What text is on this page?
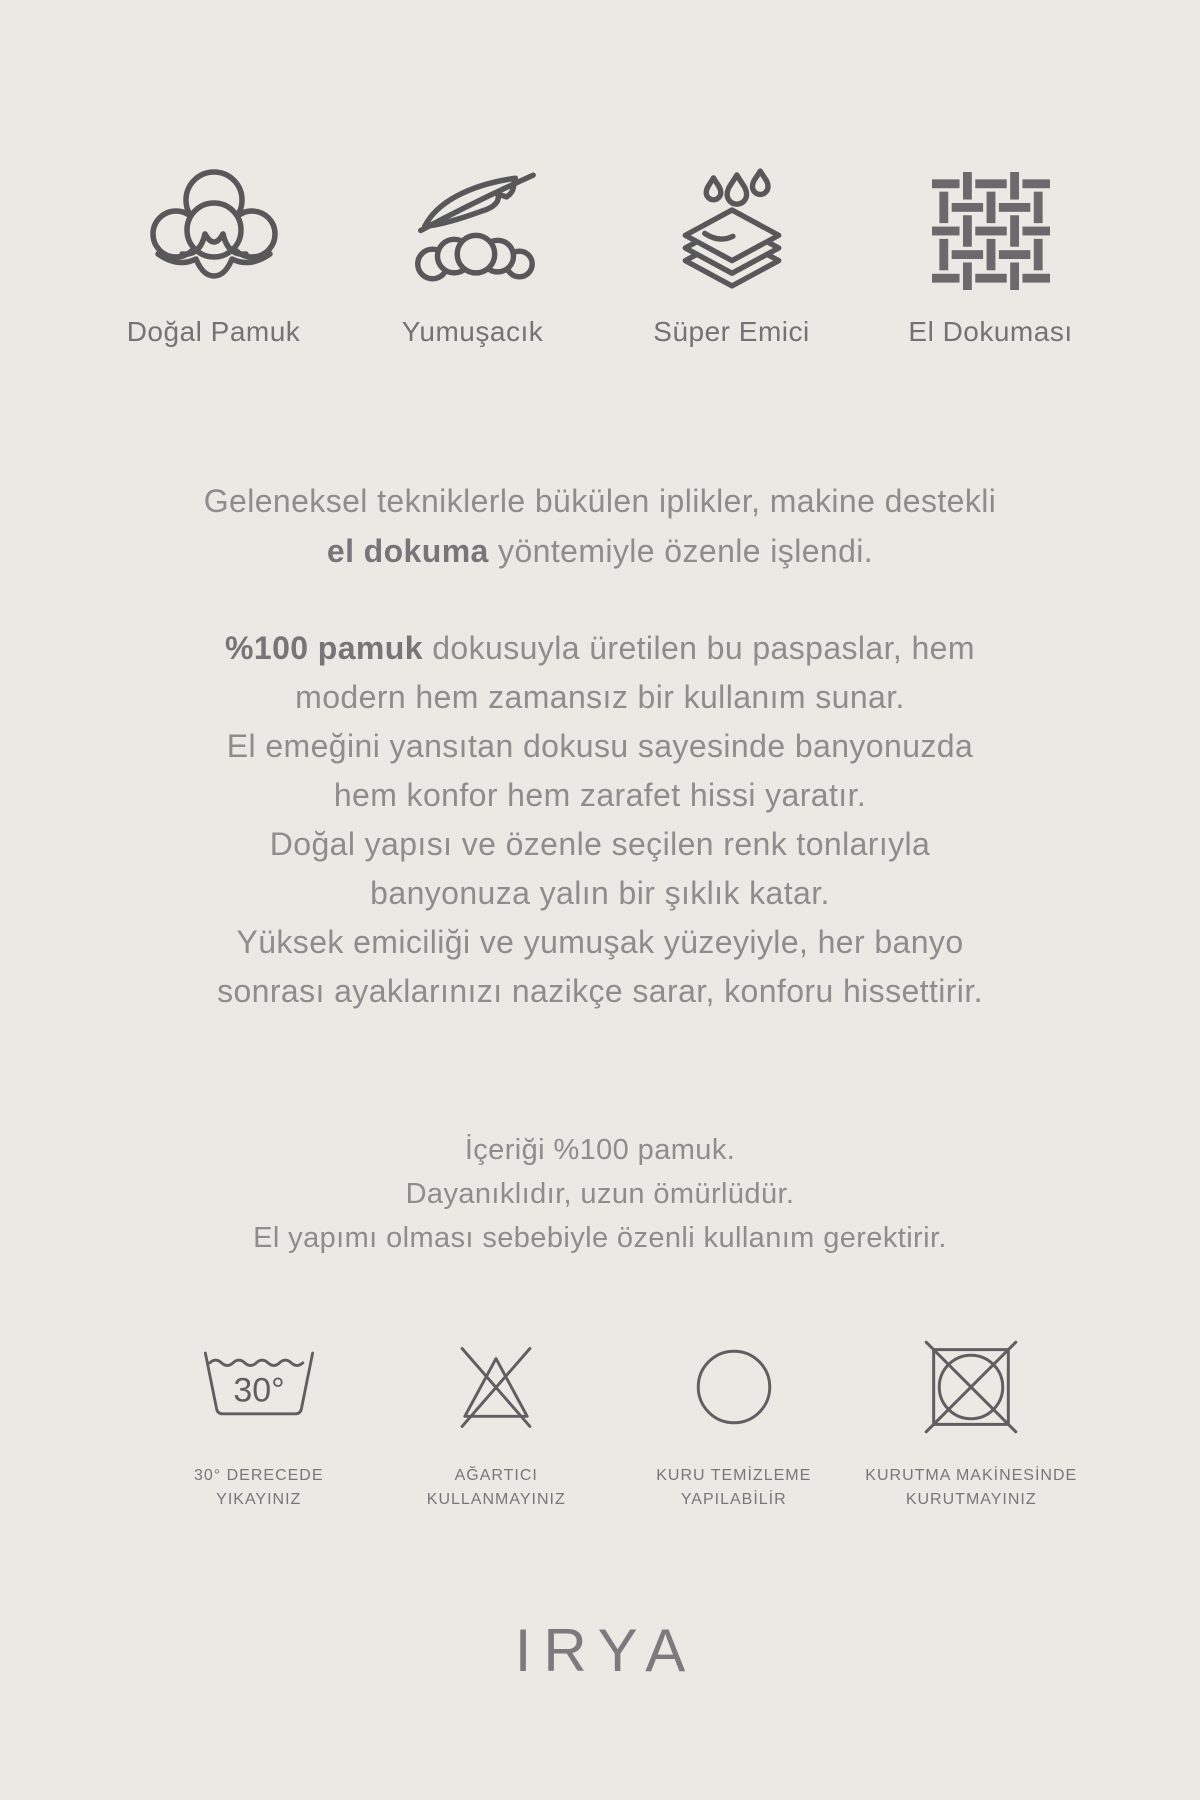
Doğal Pamuk	Yumuşacık	Süper Emici	El Dokuması

Geleneksel tekniklerle bükülen iplikler, makine destekli

el dokuma yöntemiyle özenle işlendi.

%100 pamuk dokusuyla üretilen bu paspaslar, hem

modern hem zamansız bir kullanım sunar.

El emeğini yansıtan dokusu sayesinde banyonuzda

hem konfor hem zarafet hissi yaratır.

Doğal yapısı ve özenle seçilen renk tonlarıyla

banyonuza yalın bir şıklık katar.

Yüksek emiciliği ve yumuşak yüzeyiyle, her banyo

sonrası ayaklarınızı nazikçe sarar, konforu hissettirir.

İçeriği %100 pamuk.

Dayanıklıdır, uzun ömürlüdür.

El yapımı olması sebebiyle özenli kullanım gerektirir.

30°
30° DERECEDE
YIKAYINIZ
AĞARTICI
KULLANMAYINIZ
KURU TEMİZLEME
YAPILABİLİR
KURUTMA MAKİNESİNDE
KURUTMAYINIZ
IRYA
